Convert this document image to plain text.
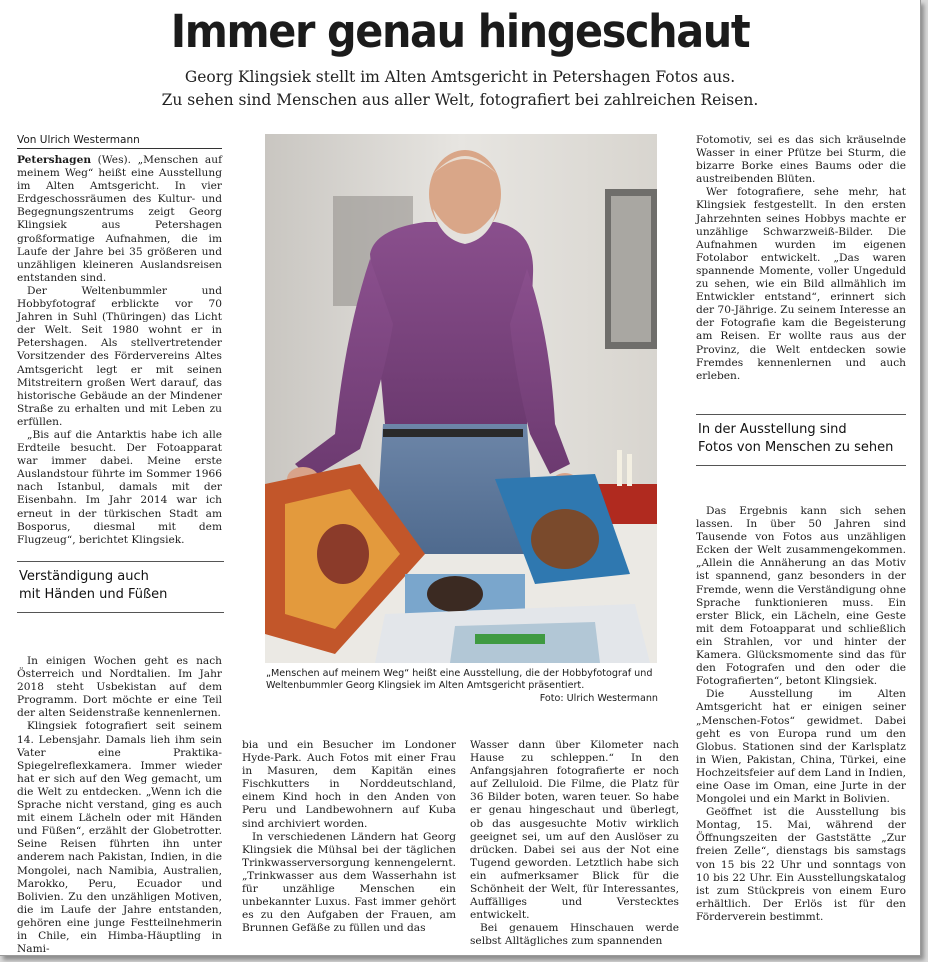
Immer genau hingeschaut
Georg Klingsiek stellt im Alten Amtsgericht in Petershagen Fotos aus.
Zu sehen sind Menschen aus aller Welt, fotografiert bei zahlreichen Reisen.
Von Ulrich Westermann

Petershagen (Wes). „Menschen auf meinem Weg“ heißt eine Ausstellung im Alten Amtsgericht. In vier Erdgeschossräumen des Kultur- und Begegnungszentrums zeigt Georg Klingsiek aus Petershagen großformatige Aufnahmen, die im Laufe der Jahre bei 35 größeren und unzähligen kleineren Auslandsreisen entstanden sind.

Der Weltenbummler und Hobbyfotograf erblickte vor 70 Jahren in Suhl (Thüringen) das Licht der Welt. Seit 1980 wohnt er in Petershagen. Als stellvertretender Vorsitzender des Fördervereins Altes Amtsgericht legt er mit seinen Mitstreitern großen Wert darauf, das historische Gebäude an der Mindener Straße zu erhalten und mit Leben zu erfüllen.

„Bis auf die Antarktis habe ich alle Erdteile besucht. Der Fotoapparat war immer dabei. Meine erste Auslandstour führte im Sommer 1966 nach Istanbul, damals mit der Eisenbahn. Im Jahr 2014 war ich erneut in der türkischen Stadt am Bosporus, diesmal mit dem Flugzeug“, berichtet Klingsiek.

Verständigung auch
mit Händen und Füßen

In einigen Wochen geht es nach Österreich und Nordtalien. Im Jahr 2018 steht Usbekistan auf dem Programm. Dort möchte er eine Teil der alten Seidenstraße kennenlernen.

Klingsiek fotografiert seit seinem 14. Lebensjahr. Damals lieh ihm sein Vater eine Praktika-Spiegelreflexkamera. Immer wieder hat er sich auf den Weg gemacht, um die Welt zu entdecken. „Wenn ich die Sprache nicht verstand, ging es auch mit einem Lächeln oder mit Händen und Füßen“, erzählt der Globetrotter. Seine Reisen führten ihn unter anderem nach Pakistan, Indien, in die Mongolei, nach Namibia, Australien, Marokko, Peru, Ecuador und Bolivien. Zu den unzähligen Motiven, die im Laufe der Jahre entstanden, gehören eine junge Festteilnehmerin in Chile, ein Himba-Häuptling in Nami-

„Menschen auf meinem Weg“ heißt eine Ausstellung, die der Hobbyfotograf und Weltenbummler Georg Klingsiek im Alten Amtsgericht präsentiert.
Foto: Ulrich Westermann

bia und ein Besucher im Londoner Hyde-Park. Auch Fotos mit einer Frau in Masuren, dem Kapitän eines Fischkutters in Norddeutschland, einem Kind hoch in den Anden von Peru und Landbewohnern auf Kuba sind archiviert worden.

In verschiedenen Ländern hat Georg Klingsiek die Mühsal bei der täglichen Trinkwasserversorgung kennengelernt. „Trinkwasser aus dem Wasserhahn ist für unzählige Menschen ein unbekannter Luxus. Fast immer gehört es zu den Aufgaben der Frauen, am Brunnen Gefäße zu füllen und das

Wasser dann über Kilometer nach Hause zu schleppen.“ In den Anfangsjahren fotografierte er noch auf Zelluloid. Die Filme, die Platz für 36 Bilder boten, waren teuer. So habe er genau hingeschaut und überlegt, ob das ausgesuchte Motiv wirklich geeignet sei, um auf den Auslöser zu drücken. Dabei sei aus der Not eine Tugend geworden. Letztlich habe sich ein aufmerksamer Blick für die Schönheit der Welt, für Interessantes, Auffälliges und Verstecktes entwickelt.

Bei genauem Hinschauen werde selbst Alltägliches zum spannenden

Fotomotiv, sei es das sich kräuselnde Wasser in einer Pfütze bei Sturm, die bizarre Borke eines Baums oder die austreibenden Blüten.

Wer fotografiere, sehe mehr, hat Klingsiek festgestellt. In den ersten Jahrzehnten seines Hobbys machte er unzählige Schwarzweiß-Bilder. Die Aufnahmen wurden im eigenen Fotolabor entwickelt. „Das waren spannende Momente, voller Ungeduld zu sehen, wie ein Bild allmählich im Entwickler entstand“, erinnert sich der 70-Jährige. Zu seinem Interesse an der Fotografie kam die Begeisterung am Reisen. Er wollte raus aus der Provinz, die Welt entdecken sowie Fremdes kennenlernen und auch erleben.

In der Ausstellung sind
Fotos von Menschen zu sehen

Das Ergebnis kann sich sehen lassen. In über 50 Jahren sind Tausende von Fotos aus unzähligen Ecken der Welt zusammengekommen. „Allein die Annäherung an das Motiv ist spannend, ganz besonders in der Fremde, wenn die Verständigung ohne Sprache funktionieren muss. Ein erster Blick, ein Lächeln, eine Geste mit dem Fotoapparat und schließlich ein Strahlen, vor und hinter der Kamera. Glücksmomente sind das für den Fotografen und den oder die Fotografierten“, betont Klingsiek.

Die Ausstellung im Alten Amtsgericht hat er einigen seiner „Menschen-Fotos“ gewidmet. Dabei geht es von Europa rund um den Globus. Stationen sind der Karlsplatz in Wien, Pakistan, China, Türkei, eine Hochzeitsfeier auf dem Land in Indien, eine Oase im Oman, eine Jurte in der Mongolei und ein Markt in Bolivien.

Geöffnet ist die Ausstellung bis Montag, 15. Mai, während der Öffnungszeiten der Gaststätte „Zur freien Zelle“, dienstags bis samstags von 15 bis 22 Uhr und sonntags von 10 bis 22 Uhr. Ein Ausstellungskatalog ist zum Stückpreis von einem Euro erhältlich. Der Erlös ist für den Förderverein bestimmt.
